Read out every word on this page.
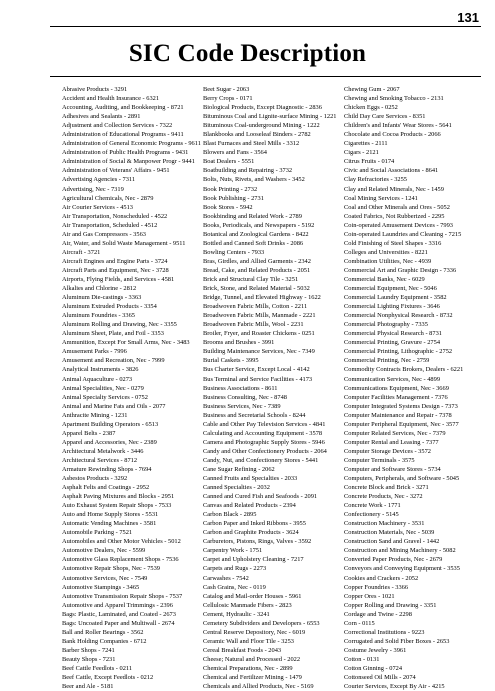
131
SIC Code Description
Abrasive Products - 3291
Accident and Health Insurance - 6321
Accounting, Auditing, and Bookkeeping - 8721
Adhesives and Sealants - 2891
Adjustment and Collection Services - 7322
Administration of Educational Programs - 9411
Administration of General Economic Programs - 9611
Administration of Public Health Programs - 9431
Administration of Social & Manpower Progr - 9441
Administration of Veterans' Affairs - 9451
Advertising Agencies - 7311
Advertising, Nec - 7319
Agricultural Chemicals, Nec - 2879
Air Courier Services - 4513
Air Transportation, Nonscheduled - 4522
Air Transportation, Scheduled - 4512
Air and Gas Compressors - 3563
Air, Water, and Solid Waste Management - 9511
Aircraft - 3721
Aircraft Engines and Engine Parts - 3724
Aircraft Parts and Equipment, Nec - 3728
Airports, Flying Fields, and Services - 4581
Alkalies and Chlorine - 2812
Aluminum Die-castings - 3363
Aluminum Extruded Products - 3354
Aluminum Foundries - 3365
Aluminum Rolling and Drawing, Nec - 3355
Aluminum Sheet, Plate, and Foil - 3353
Ammunition, Except For Small Arms, Nec - 3483
Amusement Parks - 7996
Amusement and Recreation, Nec - 7999
Analytical Instruments - 3826
Animal Aquaculture - 0273
Animal Specialities, Nec - 0279
Animal Specialty Services - 0752
Animal and Marine Fats and Oils - 2077
Anthracite Mining - 1231
Apartment Building Operators - 6513
Apparel Belts - 2387
Apparel and Accessories, Nec - 2389
Architectural Metalwork - 3446
Architectural Services - 8712
Armature Rewinding Shops - 7694
Asbestos Products - 3292
Asphalt Felts and Coatings - 2952
Asphalt Paving Mixtures and Blocks - 2951
Auto Exhaust System Repair Shops - 7533
Auto and Home Supply Stores - 5531
Automatic Vending Machines - 3581
Automobile Parking - 7521
Automobiles and Other Motor Vehicles - 5012
Automotive Dealers, Nec - 5599
Automotive Glass Replacement Shops - 7536
Automotive Repair Shops, Nec - 7539
Automotive Services, Nec - 7549
Automotive Stampings - 3465
Automotive Transmission Repair Shops - 7537
Automotive and Apparel Trimmings - 2396
Bags: Plastic, Laminated, and Coated - 2673
Bags: Uncoated Paper and Multiwall - 2674
Ball and Roller Bearings - 3562
Bank Holding Companies - 6712
Barber Shops - 7241
Beauty Shops - 7231
Beef Cattle Feedlots - 0211
Beef Cattle, Except Feedlots - 0212
Beer and Ale - 5181
Beet Sugar - 2063
Berry Crops - 0171
Biological Products, Except Diagnostic - 2836
Bituminous Coal and Lignite-surface Mining - 1221
Bituminous Coal-underground Mining - 1222
Blankbooks and Looseleaf Binders - 2782
Blast Furnaces and Steel Mills - 3312
Blowers and Fans - 3564
Boat Dealers - 5551
Boatbuilding and Repairing - 3732
Bolts, Nuts, Rivets, and Washers - 3452
Book Printing - 2732
Book Publishing - 2731
Book Stores - 5942
Bookbinding and Related Work - 2789
Books, Periodicals, and Newspapers - 5192
Botanical and Zoological Gardens - 8422
Bottled and Canned Soft Drinks - 2086
Bowling Centers - 7933
Bras, Girdles, and Allied Garments - 2342
Bread, Cake, and Related Products - 2051
Brick and Structural Clay Tile - 3251
Brick, Stone, and Related Material - 5032
Bridge, Tunnel, and Elevated Highway - 1622
Broadwoven Fabric Mills, Cotton - 2211
Broadwoven Fabric Mills, Manmade - 2221
Broadwoven Fabric Mills, Wool - 2231
Broiler, Fryer, and Roaster Chickens - 0251
Brooms and Brushes - 3991
Building Maintenance Services, Nec - 7349
Burial Caskets - 3995
Bus Charter Service, Except Local - 4142
Bus Terminal and Service Facilities - 4173
Business Associations - 8611
Business Consulting, Nec - 8748
Business Services, Nec - 7389
Business and Secretarial Schools - 8244
Cable and Other Pay Television Services - 4841
Calculating and Accounting Equipment - 3578
Camera and Photographic Supply Stores - 5946
Candy and Other Confectionery Products - 2064
Candy, Nut, and Confectionery Stores - 5441
Cane Sugar Refining - 2062
Canned Fruits and Specialties - 2033
Canned Specialties - 2032
Canned and Cured Fish and Seafoods - 2091
Canvas and Related Products - 2394
Carbon Black - 2895
Carbon Paper and Inked Ribbons - 3955
Carbon and Graphite Products - 3624
Carburetors, Pistons, Rings, Valves - 3592
Carpentry Work - 1751
Carpet and Upholstery Cleaning - 7217
Carpets and Rugs - 2273
Carwashes - 7542
Cash Grains, Nec - 0119
Catalog and Mail-order Houses - 5961
Cellulosic Manmade Fibers - 2823
Cement, Hydraulic - 3241
Cemetery Subdividers and Developers - 6553
Central Reserve Depository, Nec - 6019
Ceramic Wall and Floor Tile - 3253
Cereal Breakfast Foods - 2043
Cheese; Natural and Processed - 2022
Chemical Preparations, Nec - 2899
Chemical and Fertilizer Mining - 1479
Chemicals and Allied Products, Nec - 5169
Chewing Gum - 2067
Chewing and Smoking Tobacco - 2131
Chicken Eggs - 0252
Child Day Care Services - 8351
Children's and Infants' Wear Stores - 5641
Chocolate and Cocoa Products - 2066
Cigarettes - 2111
Cigars - 2121
Citrus Fruits - 0174
Civic and Social Associations - 8641
Clay Refractories - 3255
Clay and Related Minerals, Nec - 1459
Coal Mining Services - 1241
Coal and Other Minerals and Ores - 5052
Coated Fabrics, Not Rubberized - 2295
Coin-operated Amusement Devices - 7993
Coin-operated Laundries and Cleaning - 7215
Cold Finishing of Steel Shapes - 3316
Colleges and Universities - 8221
Combination Utilities, Nec - 4939
Commercial Art and Graphic Design - 7336
Commercial Banks, Nec - 6029
Commercial Equipment, Nec - 5046
Commercial Laundry Equipment - 3582
Commercial Lighting Fixtures - 3646
Commercial Nonphysical Research - 8732
Commercial Photography - 7335
Commercial Physical Research - 8731
Commercial Printing, Gravure - 2754
Commercial Printing, Lithographic - 2752
Commercial Printing, Nec - 2759
Commodity Contracts Brokers, Dealers - 6221
Communication Services, Nec - 4899
Communications Equipment, Nec - 3669
Computer Facilities Management - 7376
Computer Integrated Systems Design - 7373
Computer Maintenance and Repair - 7378
Computer Peripheral Equipment, Nec - 3577
Computer Related Services, Nec - 7379
Computer Rental and Leasing - 7377
Computer Storage Devices - 3572
Computer Terminals - 3575
Computer and Software Stores - 5734
Computers, Peripherals, and Software - 5045
Concrete Block and Brick - 3271
Concrete Products, Nec - 3272
Concrete Work - 1771
Confectionery - 5145
Construction Machinery - 3531
Construction Materials, Nec - 5039
Construction Sand and Gravel - 1442
Construction and Mining Machinery - 5082
Converted Paper Products, Nec - 2679
Conveyors and Conveying Equipment - 3535
Cookies and Crackers - 2052
Copper Foundries - 3366
Copper Ores - 1021
Copper Rolling and Drawing - 3351
Cordage and Twine - 2298
Corn - 0115
Correctional Institutions - 9223
Corrugated and Solid Fiber Boxes - 2653
Costume Jewelry - 3961
Cotton - 0131
Cotton Ginning - 0724
Cottonseed Oil Mills - 2074
Courier Services, Except By Air - 4215
